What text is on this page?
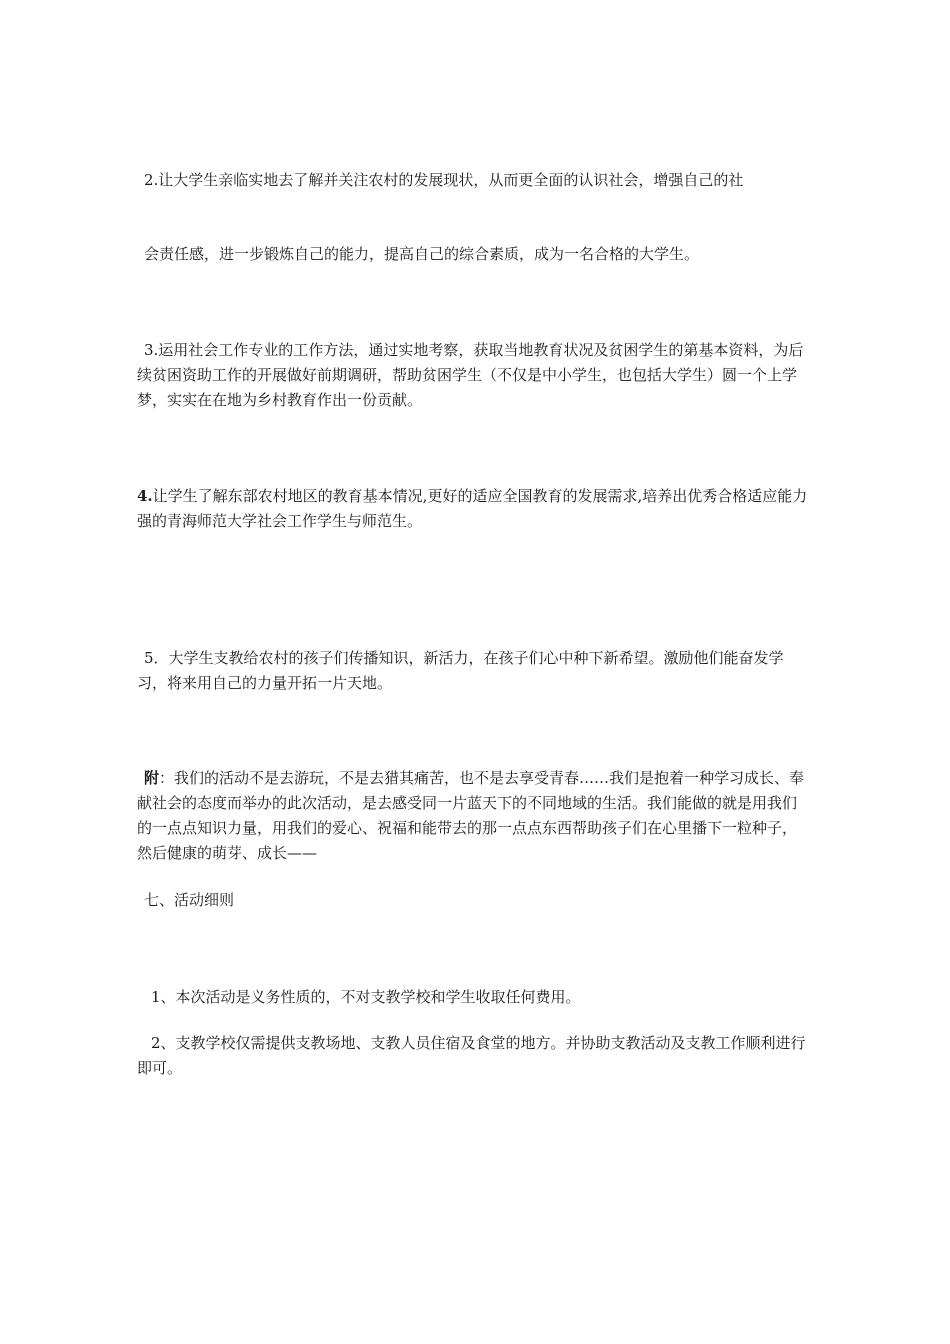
2.让大学生亲临实地去了解并关注农村的发展现状，从而更全面的认识社会，增强自己的社

会责任感，进一步锻炼自己的能力，提高自己的综合素质，成为一名合格的大学生。

3.运用社会工作专业的工作方法，通过实地考察，获取当地教育状况及贫困学生的第基本资料，为后续贫困资助工作的开展做好前期调研，帮助贫困学生（不仅是中小学生，也包括大学生）圆一个上学梦，实实在在地为乡村教育作出一份贡献。

4.让学生了解东部农村地区的教育基本情况,更好的适应全国教育的发展需求,培养出优秀合格适应能力强的青海师范大学社会工作学生与师范生。

5．大学生支教给农村的孩子们传播知识，新活力，在孩子们心中种下新希望。激励他们能奋发学习，将来用自己的力量开拓一片天地。

附：我们的活动不是去游玩，不是去猎其痛苦，也不是去享受青春……我们是抱着一种学习成长、奉献社会的态度而举办的此次活动，是去感受同一片蓝天下的不同地域的生活。我们能做的就是用我们的一点点知识力量，用我们的爱心、祝福和能带去的那一点点东西帮助孩子们在心里播下一粒种子，然后健康的萌芽、成长——

七、活动细则

1、本次活动是义务性质的，不对支教学校和学生收取任何费用。

2、支教学校仅需提供支教场地、支教人员住宿及食堂的地方。并协助支教活动及支教工作顺利进行即可。
